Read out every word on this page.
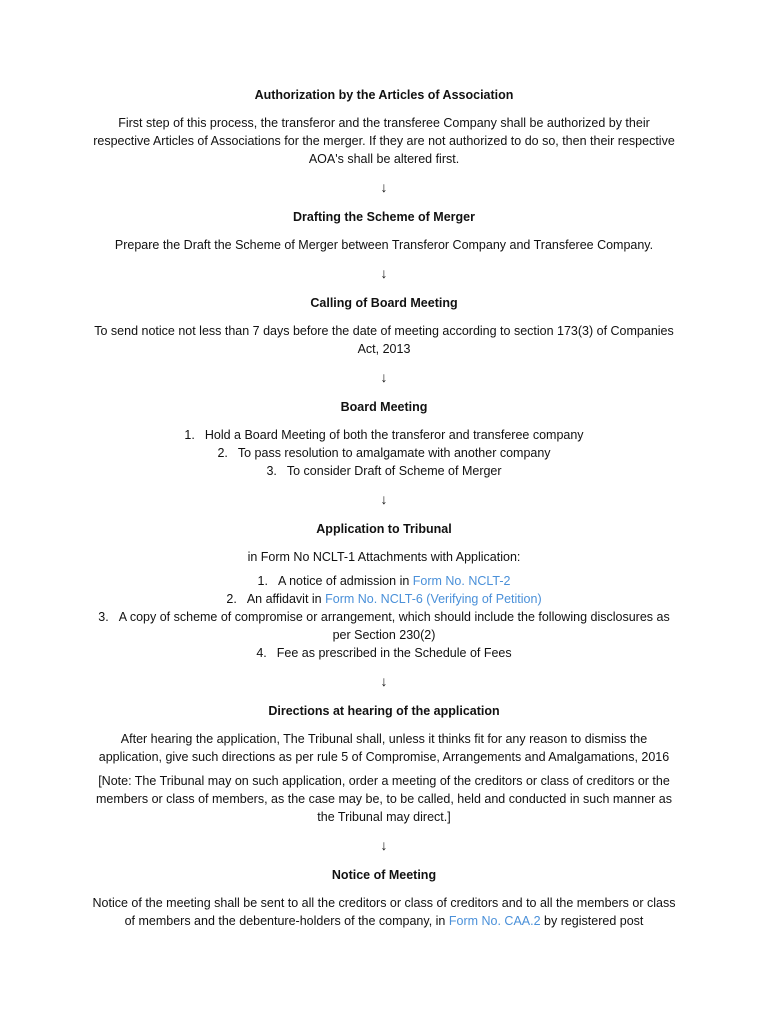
Authorization by the Articles of Association

First step of this process, the transferor and the transferee Company shall be authorized by their respective Articles of Associations for the merger. If they are not authorized to do so, then their respective AOA's shall be altered first.

↓
Drafting the Scheme of Merger

Prepare the Draft the Scheme of Merger between Transferor Company and Transferee Company.

↓
Calling of Board Meeting

To send notice not less than 7 days before the date of meeting according to section 173(3) of Companies Act, 2013

↓
Board Meeting
1. Hold a Board Meeting of both the transferor and transferee company
2. To pass resolution to amalgamate with another company
3. To consider Draft of Scheme of Merger
↓
Application to Tribunal

in Form No NCLT-1 Attachments with Application:

1. A notice of admission in Form No. NCLT-2
2. An affidavit in Form No. NCLT-6 (Verifying of Petition)
3. A copy of scheme of compromise or arrangement, which should include the following disclosures as per Section 230(2)
4. Fee as prescribed in the Schedule of Fees
↓
Directions at hearing of the application

After hearing the application, The Tribunal shall, unless it thinks fit for any reason to dismiss the application, give such directions as per rule 5 of Compromise, Arrangements and Amalgamations, 2016

[Note: The Tribunal may on such application, order a meeting of the creditors or class of creditors or the members or class of members, as the case may be, to be called, held and conducted in such manner as the Tribunal may direct.]

↓
Notice of Meeting

Notice of the meeting shall be sent to all the creditors or class of creditors and to all the members or class of members and the debenture-holders of the company, in Form No. CAA.2 by registered post
